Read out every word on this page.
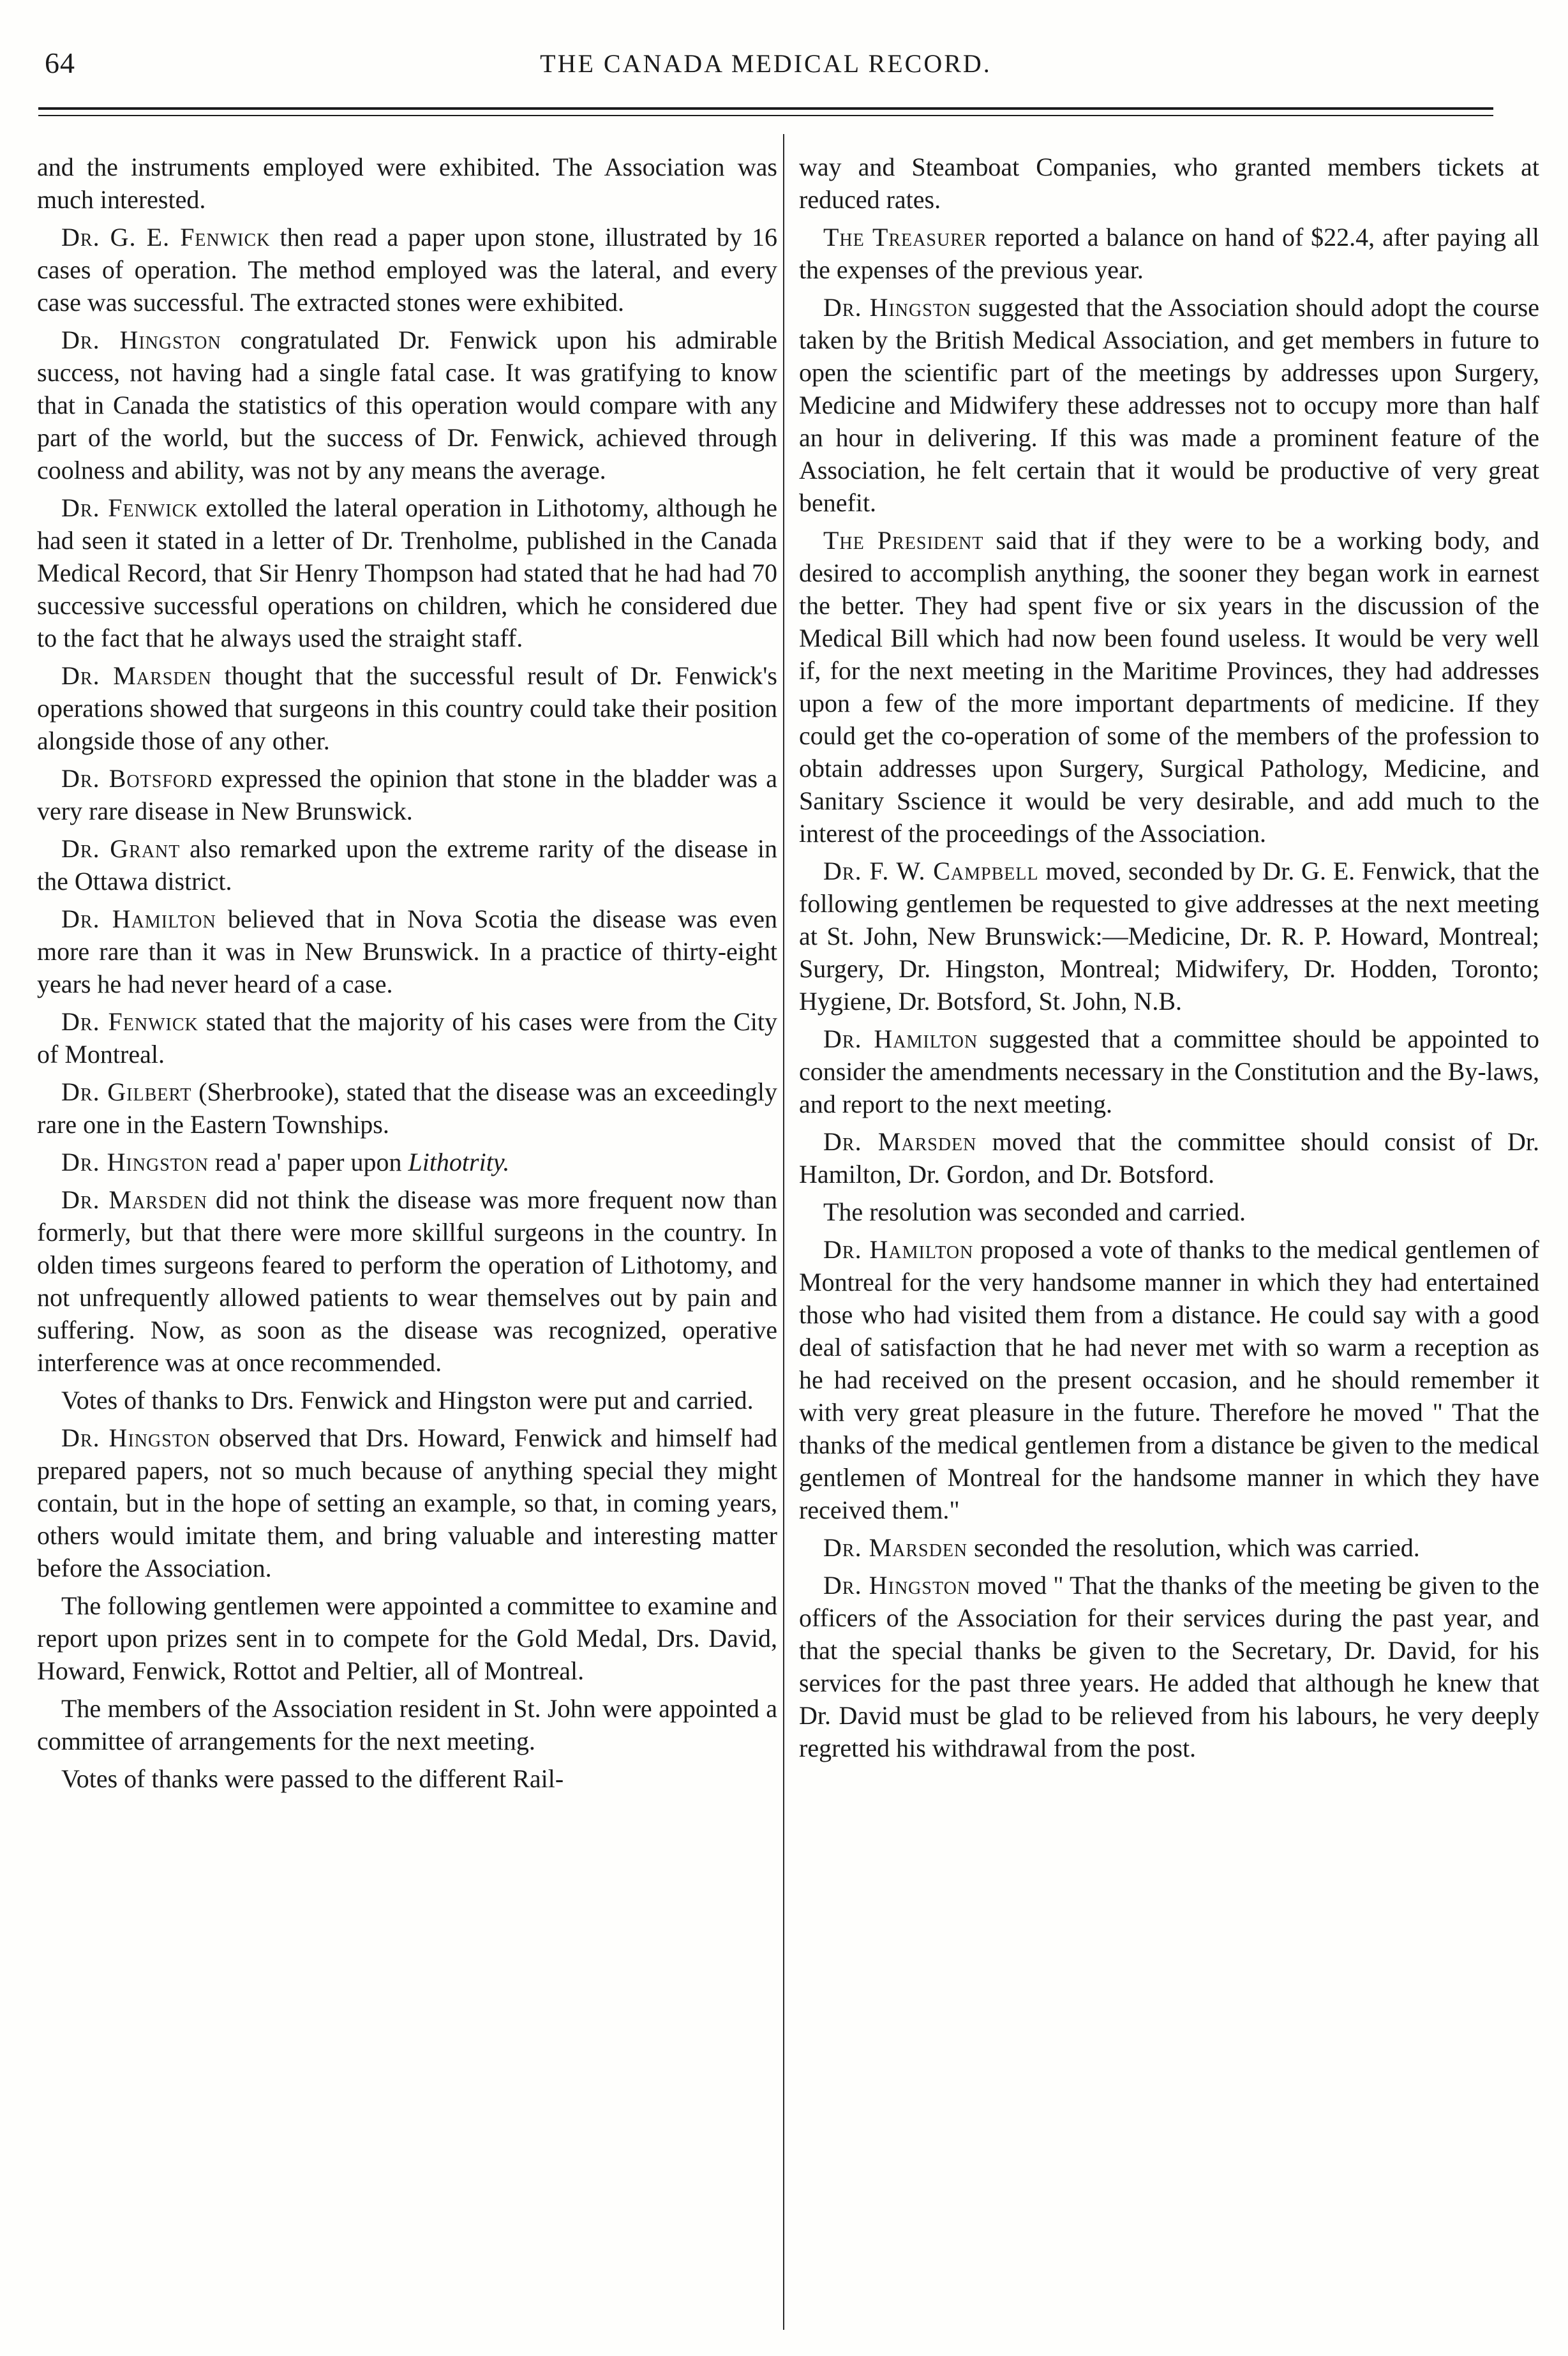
64	THE CANADA MEDICAL RECORD.

and the instruments employed were exhibited. The Association was much interested.

Dr. G. E. Fenwick then read a paper upon stone, illustrated by 16 cases of operation. The method employed was the lateral, and every case was successful. The extracted stones were exhibited.

Dr. Hingston congratulated Dr. Fenwick upon his admirable success, not having had a single fatal case. It was gratifying to know that in Canada the statistics of this operation would compare with any part of the world, but the success of Dr. Fenwick, achieved through coolness and ability, was not by any means the average.

Dr. Fenwick extolled the lateral operation in Lithotomy, although he had seen it stated in a letter of Dr. Trenholme, published in the Canada Medical Record, that Sir Henry Thompson had stated that he had had 70 successive successful operations on children, which he considered due to the fact that he always used the straight staff.

Dr. Marsden thought that the successful result of Dr. Fenwick's operations showed that surgeons in this country could take their position alongside those of any other.

Dr. Botsford expressed the opinion that stone in the bladder was a very rare disease in New Brunswick.

Dr. Grant also remarked upon the extreme rarity of the disease in the Ottawa district.

Dr. Hamilton believed that in Nova Scotia the disease was even more rare than it was in New Brunswick. In a practice of thirty-eight years he had never heard of a case.

Dr. Fenwick stated that the majority of his cases were from the City of Montreal.

Dr. Gilbert (Sherbrooke), stated that the disease was an exceedingly rare one in the Eastern Townships.

Dr. Hingston read a' paper upon Lithotrity.

Dr. Marsden did not think the disease was more frequent now than formerly, but that there were more skillful surgeons in the country. In olden times surgeons feared to perform the operation of Lithotomy, and not unfrequently allowed patients to wear themselves out by pain and suffering. Now, as soon as the disease was recognized, operative interference was at once recommended.

Votes of thanks to Drs. Fenwick and Hingston were put and carried.

Dr. Hingston observed that Drs. Howard, Fenwick and himself had prepared papers, not so much because of anything special they might contain, but in the hope of setting an example, so that, in coming years, others would imitate them, and bring valuable and interesting matter before the Association.

The following gentlemen were appointed a committee to examine and report upon prizes sent in to compete for the Gold Medal, Drs. David, Howard, Fenwick, Rottot and Peltier, all of Montreal.

The members of the Association resident in St. John were appointed a committee of arrangements for the next meeting.

Votes of thanks were passed to the different Rail-

way and Steamboat Companies, who granted members tickets at reduced rates.

The Treasurer reported a balance on hand of $22.4, after paying all the expenses of the previous year.

Dr. Hingston suggested that the Association should adopt the course taken by the British Medical Association, and get members in future to open the scientific part of the meetings by addresses upon Surgery, Medicine and Midwifery these addresses not to occupy more than half an hour in delivering. If this was made a prominent feature of the Association, he felt certain that it would be productive of very great benefit.

The President said that if they were to be a working body, and desired to accomplish anything, the sooner they began work in earnest the better. They had spent five or six years in the discussion of the Medical Bill which had now been found useless. It would be very well if, for the next meeting in the Maritime Provinces, they had addresses upon a few of the more important departments of medicine. If they could get the co-operation of some of the members of the profession to obtain addresses upon Surgery, Surgical Pathology, Medicine, and Sanitary Sscience it would be very desirable, and add much to the interest of the proceedings of the Association.

Dr. F. W. Campbell moved, seconded by Dr. G. E. Fenwick, that the following gentlemen be requested to give addresses at the next meeting at St. John, New Brunswick:—Medicine, Dr. R. P. Howard, Montreal; Surgery, Dr. Hingston, Montreal; Midwifery, Dr. Hodden, Toronto; Hygiene, Dr. Botsford, St. John, N.B.

Dr. Hamilton suggested that a committee should be appointed to consider the amendments necessary in the Constitution and the By-laws, and report to the next meeting.

Dr. Marsden moved that the committee should consist of Dr. Hamilton, Dr. Gordon, and Dr. Botsford.

The resolution was seconded and carried.

Dr. Hamilton proposed a vote of thanks to the medical gentlemen of Montreal for the very handsome manner in which they had entertained those who had visited them from a distance. He could say with a good deal of satisfaction that he had never met with so warm a reception as he had received on the present occasion, and he should remember it with very great pleasure in the future. Therefore he moved " That the thanks of the medical gentlemen from a distance be given to the medical gentlemen of Montreal for the handsome manner in which they have received them."

Dr. Marsden seconded the resolution, which was carried.

Dr. Hingston moved " That the thanks of the meeting be given to the officers of the Association for their services during the past year, and that the special thanks be given to the Secretary, Dr. David, for his services for the past three years. He added that although he knew that Dr. David must be glad to be relieved from his labours, he very deeply regretted his withdrawal from the post.
